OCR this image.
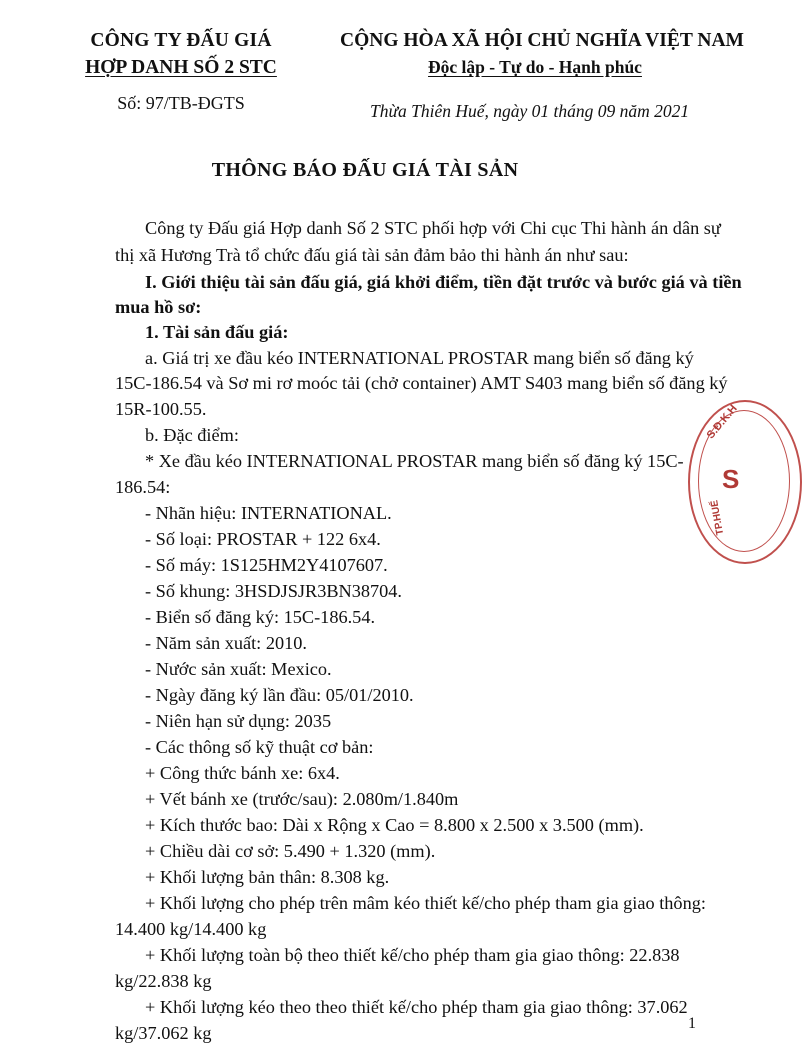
CÔNG TY ĐẤU GIÁ
HỢP DANH SỐ 2 STC
Số: 97/TB-ĐGTS
CỘNG HÒA XÃ HỘI CHỦ NGHĨA VIỆT NAM
Độc lập - Tự do - Hạnh phúc
Thừa Thiên Huế, ngày 01 tháng 09 năm 2021
THÔNG BÁO ĐẤU GIÁ TÀI SẢN
Công ty Đấu giá Hợp danh Số 2 STC phối hợp với Chi cục Thi hành án dân sự
thị xã Hương Trà tổ chức đấu giá tài sản đảm bảo thi hành án như sau:
I. Giới thiệu tài sản đấu giá, giá khởi điểm, tiền đặt trước và bước giá và tiền
mua hồ sơ:
1. Tài sản đấu giá:
a. Giá trị xe đầu kéo INTERNATIONAL PROSTAR mang biển số đăng ký
15C-186.54 và Sơ mi rơ moóc tải (chở container) AMT S403 mang biển số đăng ký
15R-100.55.
b. Đặc điểm:
* Xe đầu kéo INTERNATIONAL PROSTAR mang biển số đăng ký 15C-
186.54:
- Nhãn hiệu: INTERNATIONAL.
- Số loại: PROSTAR + 122 6x4.
- Số máy: 1S125HM2Y4107607.
- Số khung: 3HSDJSJR3BN38704.
- Biển số đăng ký: 15C-186.54.
- Năm sản xuất: 2010.
- Nước sản xuất: Mexico.
- Ngày đăng ký lần đầu: 05/01/2010.
- Niên hạn sử dụng: 2035
- Các thông số kỹ thuật cơ bản:
+ Công thức bánh xe: 6x4.
+ Vết bánh xe (trước/sau): 2.080m/1.840m
+ Kích thước bao: Dài x Rộng x Cao = 8.800 x 2.500 x 3.500 (mm).
+ Chiều dài cơ sở: 5.490 + 1.320 (mm).
+ Khối lượng bản thân: 8.308 kg.
+ Khối lượng cho phép trên mâm kéo thiết kế/cho phép tham gia giao thông:
14.400 kg/14.400 kg
+ Khối lượng toàn bộ theo thiết kế/cho phép tham gia giao thông: 22.838
kg/22.838 kg
+ Khối lượng kéo theo theo thiết kế/cho phép tham gia giao thông: 37.062
kg/37.062 kg
S.Đ.K.H
TP.HUẾ
S
1
